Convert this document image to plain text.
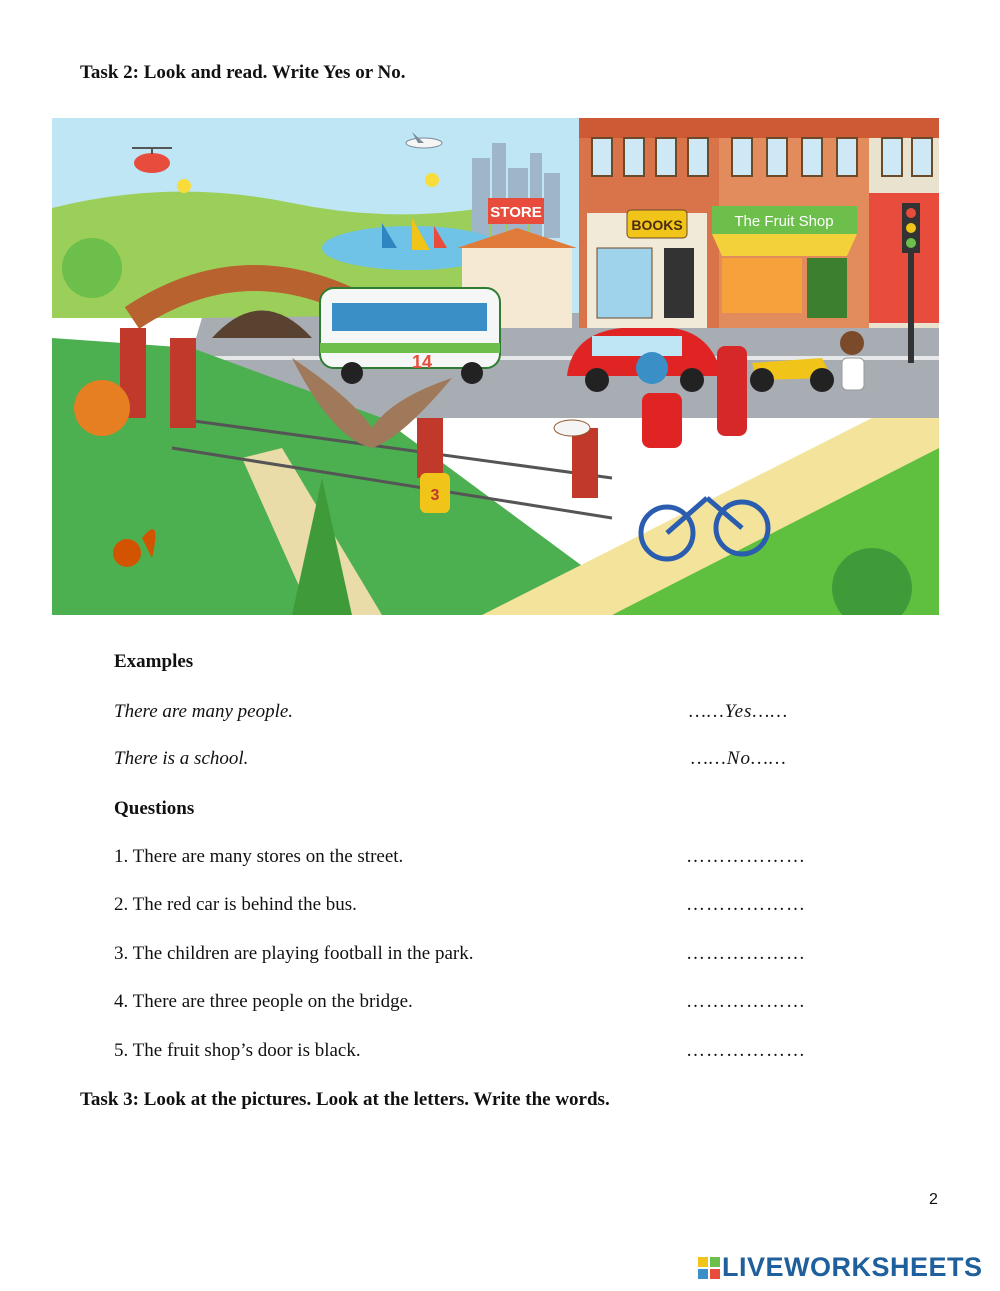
Task 2: Look and read. Write Yes or No.
BOOKS	The Fruit Shop
STORE
14
3
Examples
There are many people.	……Yes……
There is a school.	……No……
Questions
1. There are many stores on the street.	………………
2. The red car is behind the bus.	………………
3. The children are playing football in the park.	………………
4. There are three people on the bridge.	………………
5. The fruit shop’s door is black.	………………
Task 3: Look at the pictures. Look at the letters. Write the words.
2
LIVEWORKSHEETS
